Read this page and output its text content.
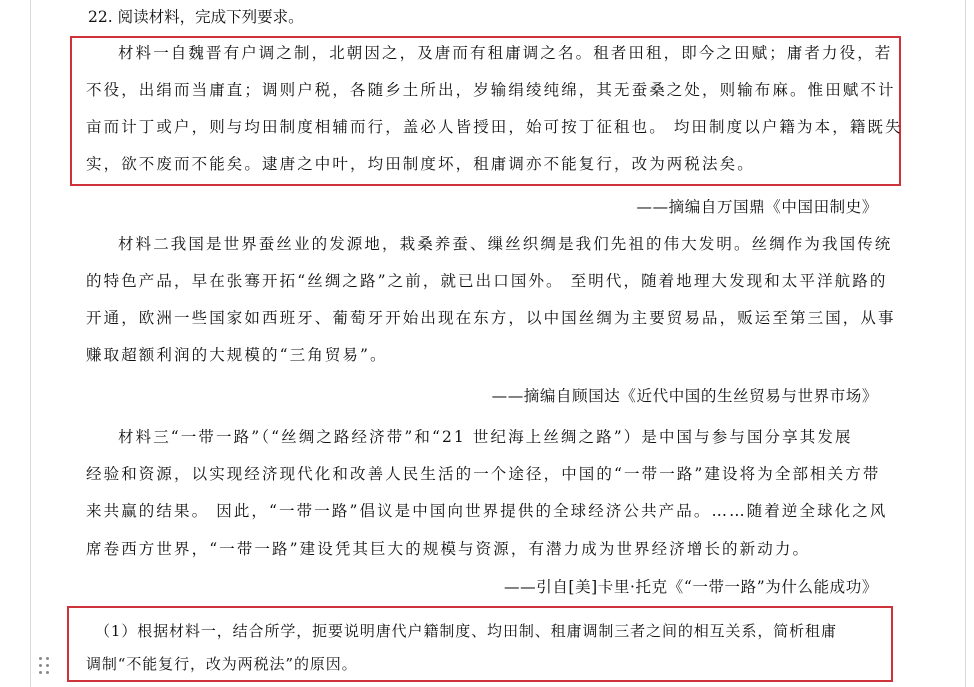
22. 阅读材料，完成下列要求。
材料一自魏晋有户调之制，北朝因之，及唐而有租庸调之名。租者田租，即今之田赋；庸者力役，若
不役，出绢而当庸直；调则户税，各随乡土所出，岁输绢绫纯绵，其无蚕桑之处，则输布麻。惟田赋不计
亩而计丁或户，则与均田制度相辅而行，盖必人皆授田，始可按丁征租也。 均田制度以户籍为本，籍既失
实，欲不废而不能矣。逮唐之中叶，均田制度坏，租庸调亦不能复行，改为两税法矣。
——摘编自万国鼎《中国田制史》
材料二我国是世界蚕丝业的发源地，栽桑养蚕、缫丝织绸是我们先祖的伟大发明。丝绸作为我国传统
的特色产品，早在张骞开拓“丝绸之路”之前，就已出口国外。 至明代，随着地理大发现和太平洋航路的
开通，欧洲一些国家如西班牙、葡萄牙开始出现在东方，以中国丝绸为主要贸易品，贩运至第三国，从事
赚取超额利润的大规模的“三角贸易”。
——摘编自顾国达《近代中国的生丝贸易与世界市场》
材料三“一带一路”（“丝绸之路经济带”和“21 世纪海上丝绸之路”）是中国与参与国分享其发展
经验和资源，以实现经济现代化和改善人民生活的一个途径，中国的“一带一路”建设将为全部相关方带
来共赢的结果。 因此，“一带一路”倡议是中国向世界提供的全球经济公共产品。……随着逆全球化之风
席卷西方世界，“一带一路”建设凭其巨大的规模与资源，有潜力成为世界经济增长的新动力。
——引自[美]卡里·托克《“一带一路”为什么能成功》
（1）根据材料一，结合所学，扼要说明唐代户籍制度、均田制、租庸调制三者之间的相互关系，简析租庸
调制“不能复行，改为两税法”的原因。
